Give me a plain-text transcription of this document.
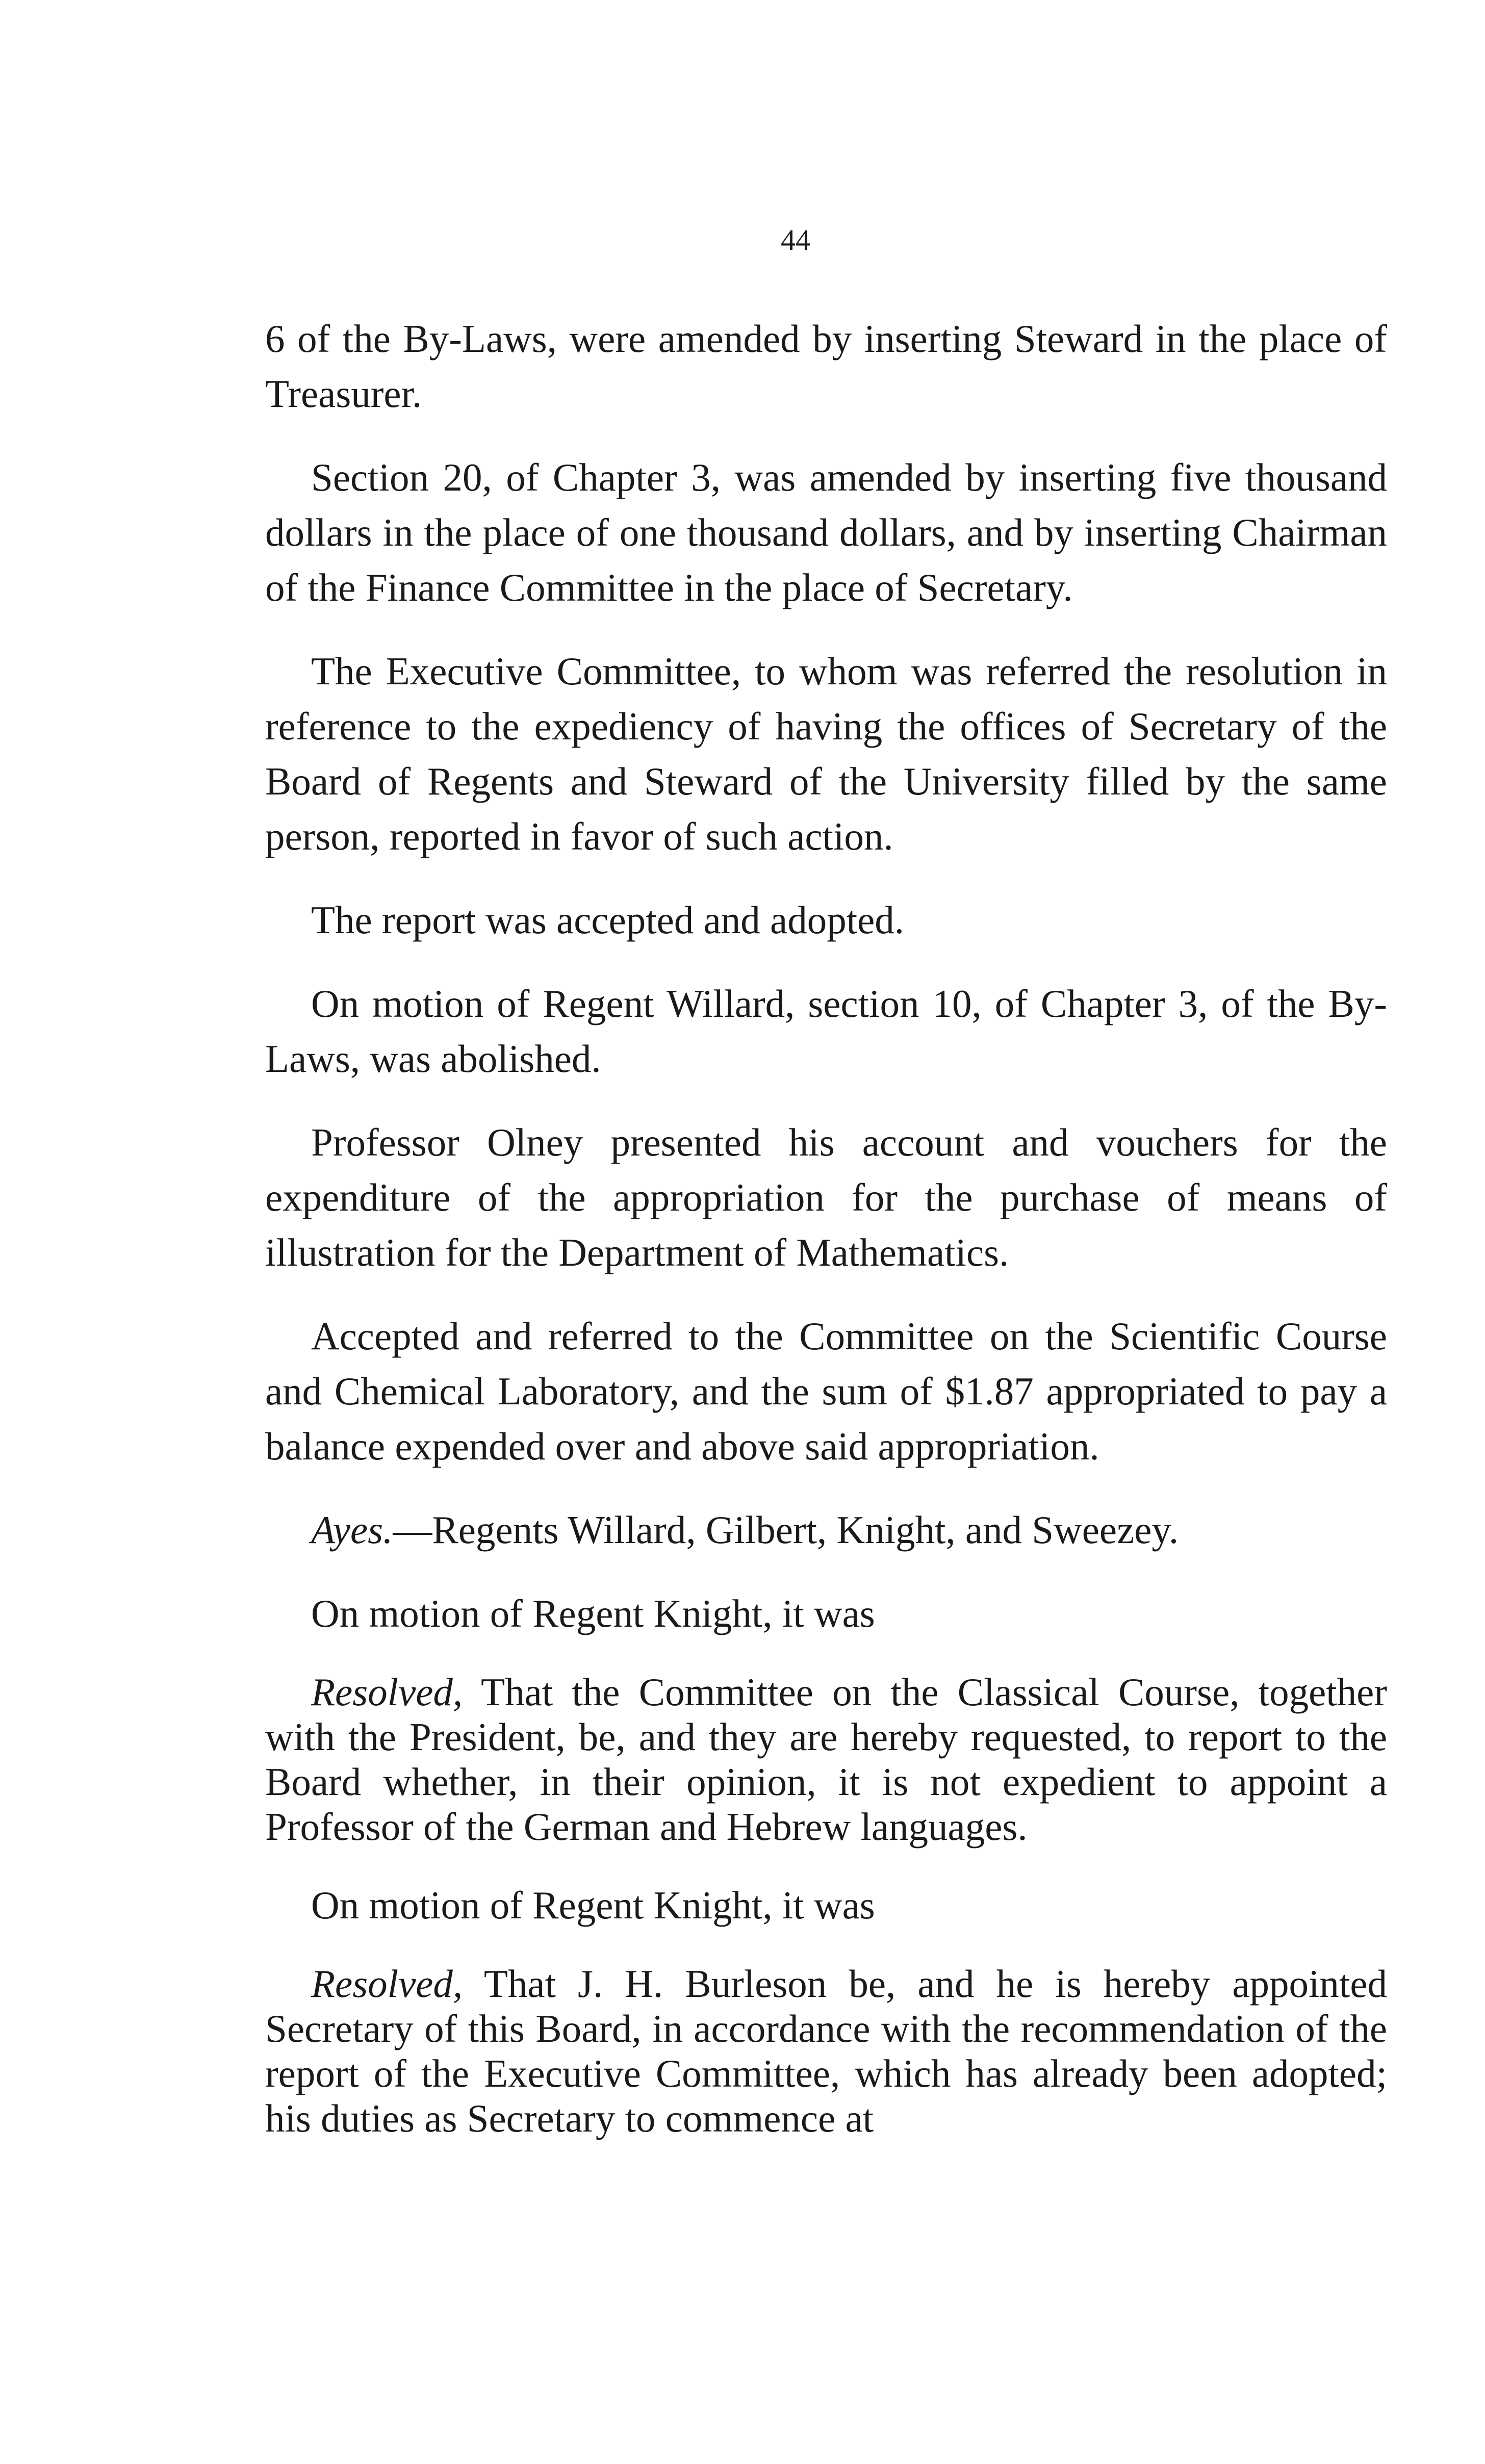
44

6 of the By-Laws, were amended by inserting Steward in the place of Treasurer.

Section 20, of Chapter 3, was amended by inserting five thousand dollars in the place of one thousand dollars, and by inserting Chairman of the Finance Committee in the place of Secretary.

The Executive Committee, to whom was referred the resolution in reference to the expediency of having the offices of Secretary of the Board of Regents and Steward of the University filled by the same person, reported in favor of such action.

The report was accepted and adopted.

On motion of Regent Willard, section 10, of Chapter 3, of the By-Laws, was abolished.

Professor Olney presented his account and vouchers for the expenditure of the appropriation for the purchase of means of illustration for the Department of Mathematics.

Accepted and referred to the Committee on the Scientific Course and Chemical Laboratory, and the sum of $1.87 appropriated to pay a balance expended over and above said appropriation.

Ayes.—Regents Willard, Gilbert, Knight, and Sweezey.

On motion of Regent Knight, it was

Resolved, That the Committee on the Classical Course, together with the President, be, and they are hereby requested, to report to the Board whether, in their opinion, it is not expedient to appoint a Professor of the German and Hebrew languages.

On motion of Regent Knight, it was

Resolved, That J. H. Burleson be, and he is hereby appointed Secretary of this Board, in accordance with the recommendation of the report of the Executive Committee, which has already been adopted; his duties as Secretary to commence at
